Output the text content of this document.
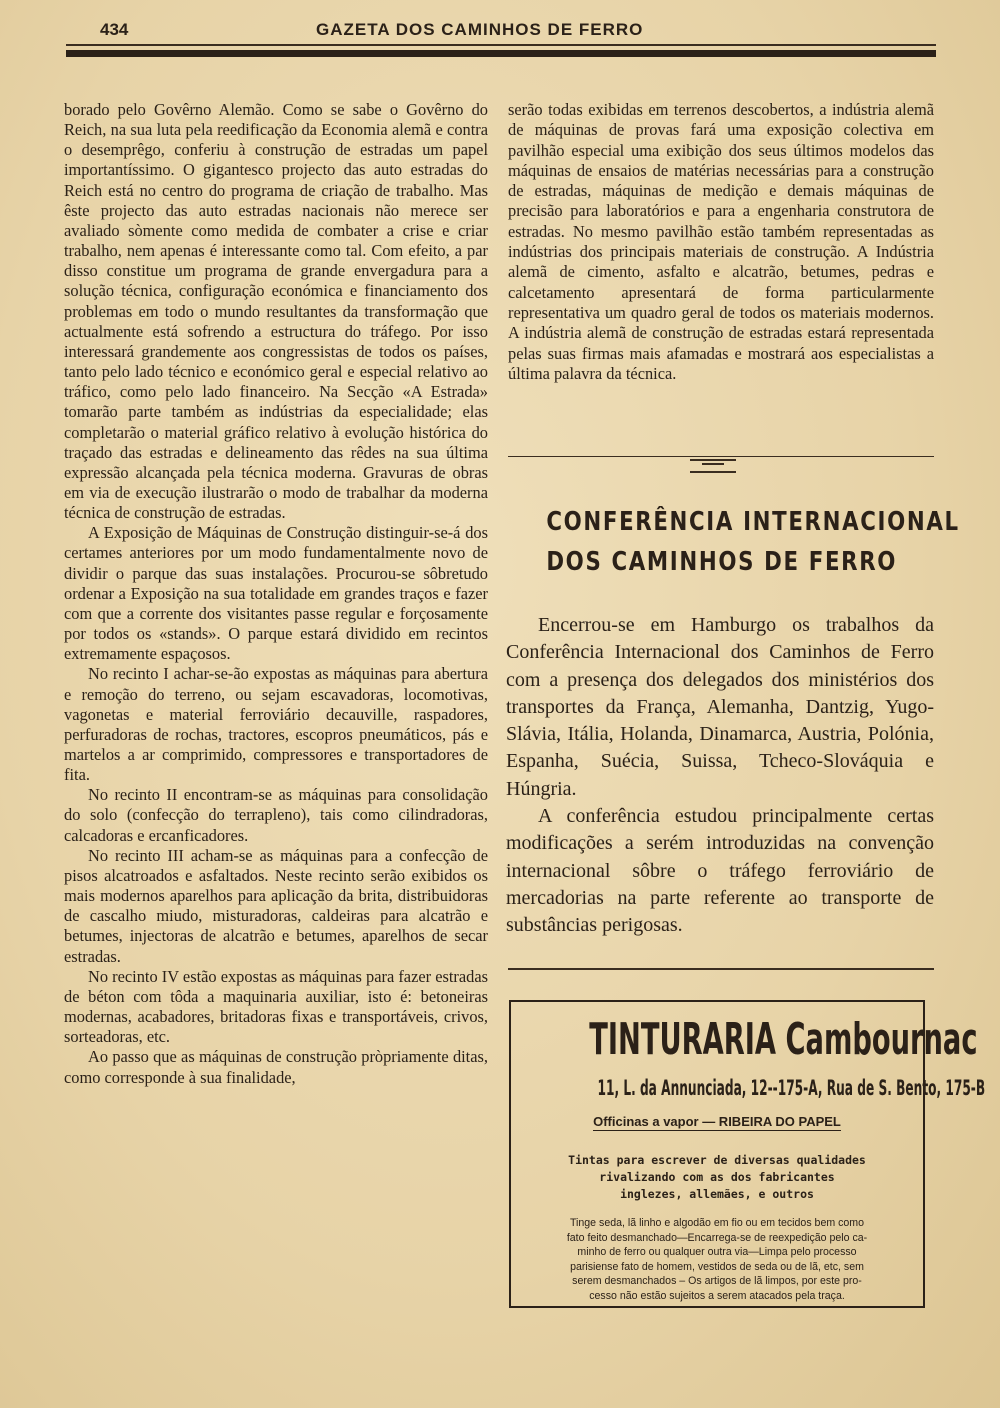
434	GAZETA DOS CAMINHOS DE FERRO

borado pelo Govêrno Alemão. Como se sabe o Govêrno do Reich, na sua luta pela reedificação da Economia alemã e contra o desemprêgo, conferiu à construção de estradas um papel importantíssimo. O gigantesco projecto das auto estradas do Reich está no centro do programa de criação de trabalho. Mas êste projecto das auto estradas nacionais não merece ser avaliado sòmente como medida de combater a crise e criar trabalho, nem apenas é interessante como tal. Com efeito, a par disso constitue um programa de grande envergadura para a solução técnica, configuração económica e financiamento dos problemas em todo o mundo resultantes da transformação que actualmente está sofrendo a estructura do tráfego. Por isso interessará grandemente aos congressistas de todos os países, tanto pelo lado técnico e económico geral e especial relativo ao tráfico, como pelo lado financeiro. Na Secção «A Estrada» tomarão parte também as indústrias da especialidade; elas completarão o material gráfico relativo à evolução histórica do traçado das estradas e delineamento das rêdes na sua última expressão alcançada pela técnica moderna. Gravuras de obras em via de execução ilustrarão o modo de trabalhar da moderna técnica de construção de estradas.

A Exposição de Máquinas de Construção distinguir-se-á dos certames anteriores por um modo fundamentalmente novo de dividir o parque das suas instalações. Procurou-se sôbretudo ordenar a Exposição na sua totalidade em grandes traços e fazer com que a corrente dos visitantes passe regular e forçosamente por todos os «stands». O parque estará dividido em recintos extremamente espaçosos.

No recinto I achar-se-ão expostas as máquinas para abertura e remoção do terreno, ou sejam escavadoras, locomotivas, vagonetas e material ferroviário decauville, raspadores, perfuradoras de rochas, tractores, escopros pneumáticos, pás e martelos a ar comprimido, compressores e transportadores de fita.

No recinto II encontram-se as máquinas para consolidação do solo (confecção do terrapleno), tais como cilindradoras, calcadoras e ercanficadores.

No recinto III acham-se as máquinas para a confecção de pisos alcatroados e asfaltados. Neste recinto serão exibidos os mais modernos aparelhos para aplicação da brita, distribuidoras de cascalho miudo, misturadoras, caldeiras para alcatrão e betumes, injectoras de alcatrão e betumes, aparelhos de secar estradas.

No recinto IV estão expostas as máquinas para fazer estradas de béton com tôda a maquinaria auxiliar, isto é: betoneiras modernas, acabadores, britadoras fixas e transportáveis, crivos, sorteadoras, etc.

Ao passo que as máquinas de construção pròpriamente ditas, como corresponde à sua finalidade,

serão todas exibidas em terrenos descobertos, a indústria alemã de máquinas de provas fará uma exposição colectiva em pavilhão especial uma exibição dos seus últimos modelos das máquinas de ensaios de matérias necessárias para a construção de estradas, máquinas de medição e demais máquinas de precisão para laboratórios e para a engenharia construtora de estradas. No mesmo pavilhão estão também representadas as indústrias dos principais materiais de construção. A Indústria alemã de cimento, asfalto e alcatrão, betumes, pedras e calcetamento apresentará de forma particularmente representativa um quadro geral de todos os materiais modernos. A indústria alemã de construção de estradas estará representada pelas suas firmas mais afamadas e mostrará aos especialistas a última palavra da técnica.

CONFERÊNCIA INTERNACIONAL
DOS CAMINHOS DE FERRO

Encerrou-se em Hamburgo os trabalhos da Conferência Internacional dos Caminhos de Ferro com a presença dos delegados dos ministérios dos transportes da França, Alemanha, Dantzig, Yugo-Slávia, Itália, Holanda, Dinamarca, Austria, Polónia, Espanha, Suécia, Suissa, Tcheco-Slováquia e Húngria.

A conferência estudou principalmente certas modificações a serém introduzidas na convenção internacional sôbre o tráfego ferroviário de mercadorias na parte referente ao transporte de substâncias perigosas.

TINTURARIA Cambournac
11, L. da Annunciada, 12--175-A, Rua de S. Bento, 175-B
Officinas a vapor — RIBEIRA DO PAPEL
Tintas para escrever de diversas qualidades
rivalizando com as dos fabricantes
inglezes, allemães, e outros
Tinge seda, lã linho e algodão em fio ou em tecidos bem como
fato feito desmanchado—Encarrega-se de reexpedição pelo ca-
minho de ferro ou qualquer outra via—Limpa pelo processo
parisiense fato de homem, vestidos de seda ou de lã, etc, sem
serem desmanchados – Os artigos de lã limpos, por este pro-
cesso não estão sujeitos a serem atacados pela traça.
